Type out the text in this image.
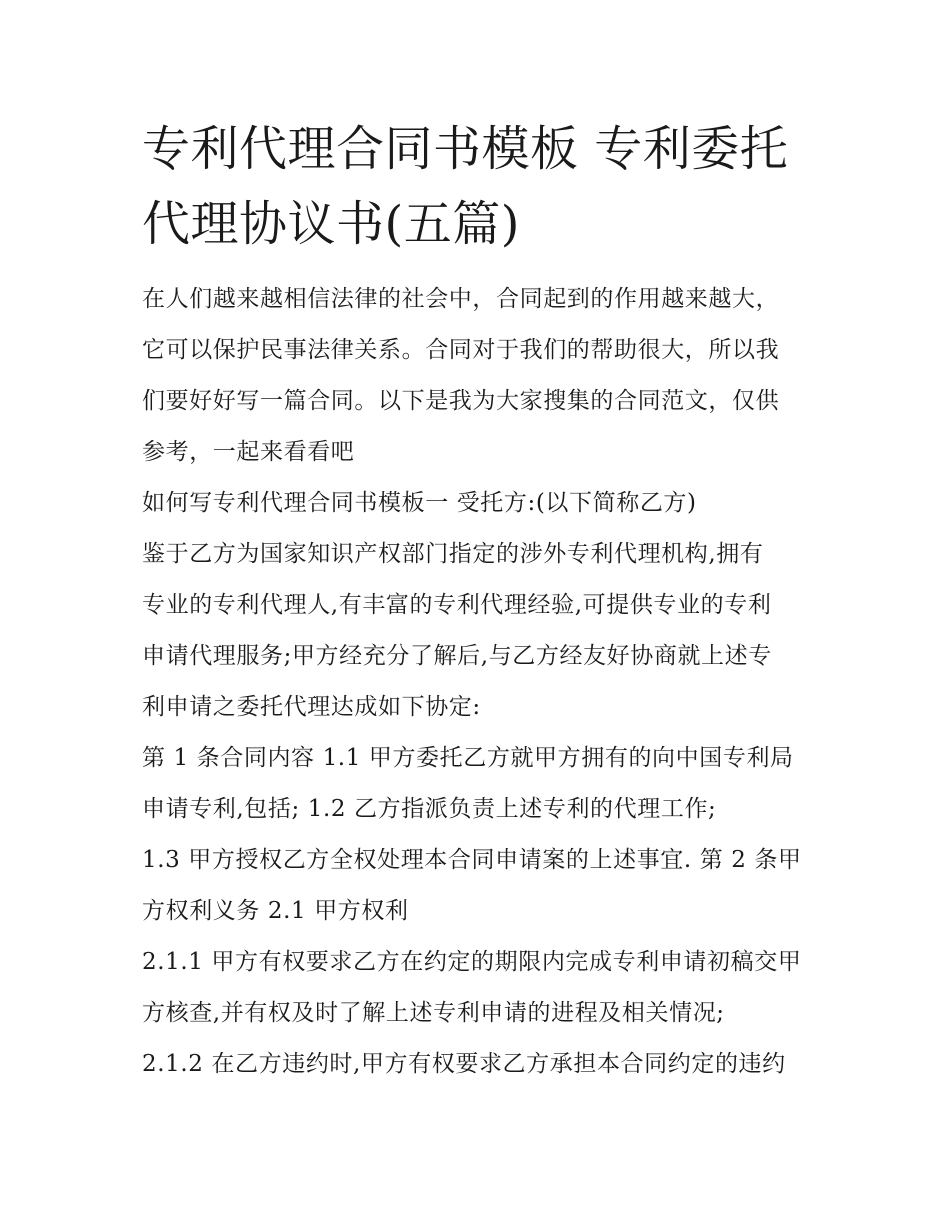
专利代理合同书模板 专利委托
代理协议书(五篇)

在人们越来越相信法律的社会中，合同起到的作用越来越大，
它可以保护民事法律关系。合同对于我们的帮助很大，所以我
们要好好写一篇合同。以下是我为大家搜集的合同范文，仅供
参考，一起来看看吧

如何写专利代理合同书模板一 受托方:(以下简称乙方)

鉴于乙方为国家知识产权部门指定的涉外专利代理机构,拥有
专业的专利代理人,有丰富的专利代理经验,可提供专业的专利
申请代理服务;甲方经充分了解后,与乙方经友好协商就上述专
利申请之委托代理达成如下协定:

第 1 条合同内容 1.1 甲方委托乙方就甲方拥有的向中国专利局
申请专利,包括; 1.2 乙方指派负责上述专利的代理工作;

1.3 甲方授权乙方全权处理本合同申请案的上述事宜. 第 2 条甲
方权利义务 2.1 甲方权利

2.1.1 甲方有权要求乙方在约定的期限内完成专利申请初稿交甲
方核查,并有权及时了解上述专利申请的进程及相关情况;

2.1.2 在乙方违约时,甲方有权要求乙方承担本合同约定的违约
